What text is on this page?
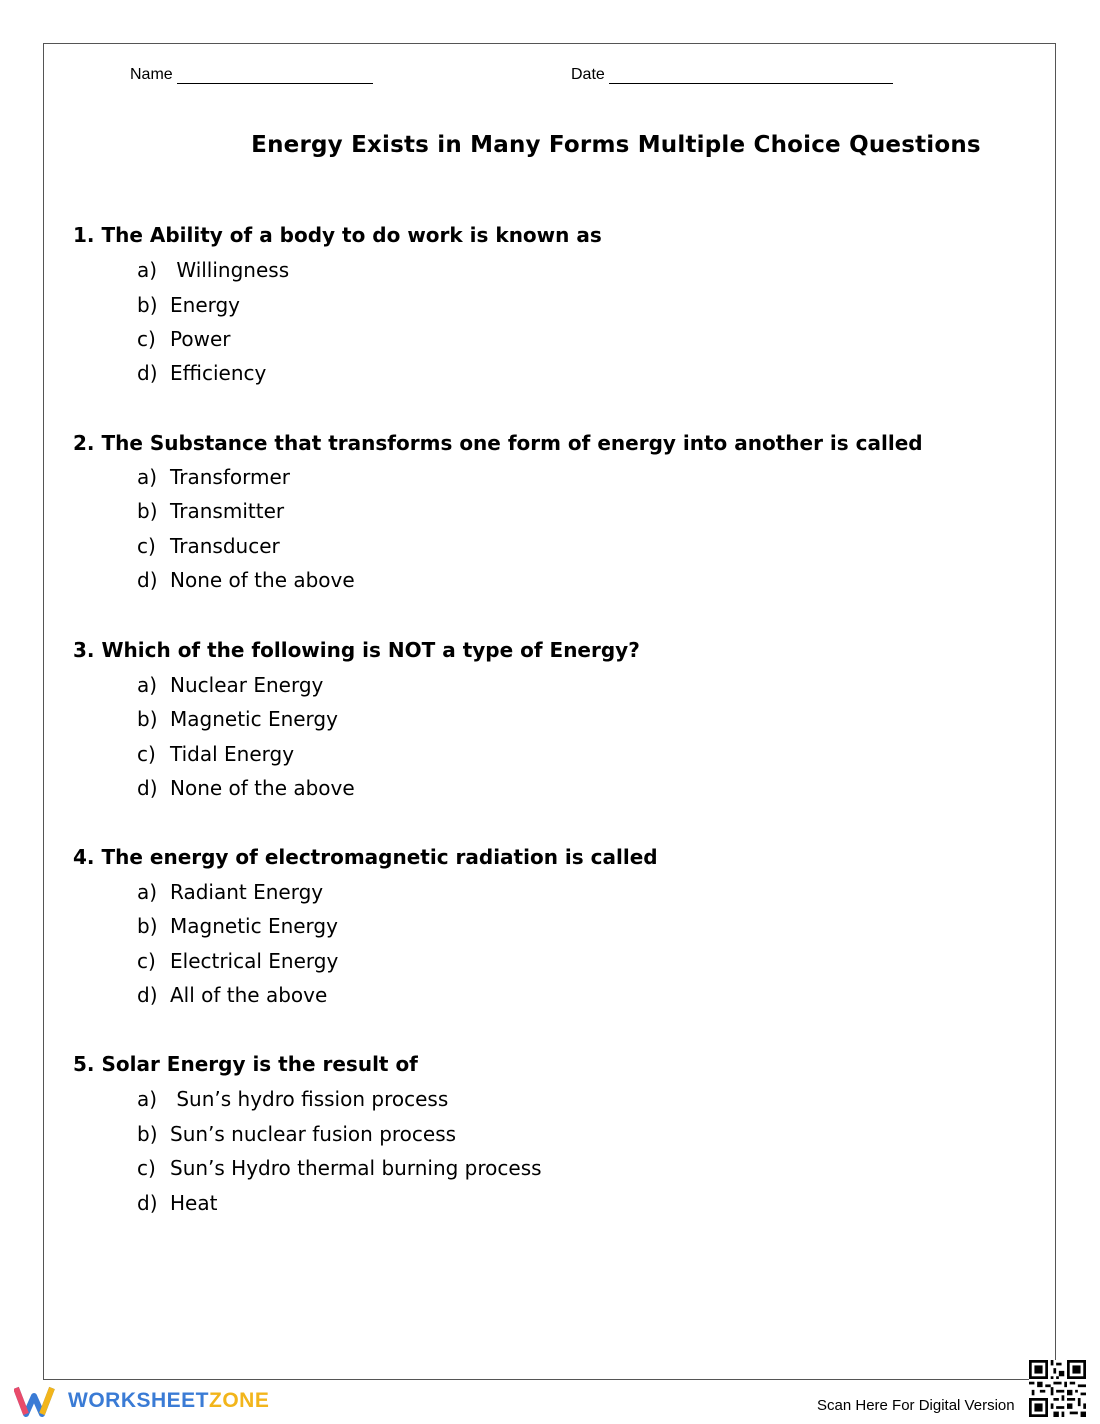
Name	Date
Energy Exists in Many Forms Multiple Choice Questions
1. The Ability of a body to do work is known as
a) Willingness
b) Energy
c) Power
d) Efficiency
2. The Substance that transforms one form of energy into another is called
a) Transformer
b) Transmitter
c) Transducer
d) None of the above
3. Which of the following is NOT a type of Energy?
a) Nuclear Energy
b) Magnetic Energy
c) Tidal Energy
d) None of the above
4. The energy of electromagnetic radiation is called
a) Radiant Energy
b) Magnetic Energy
c) Electrical Energy
d) All of the above
5. Solar Energy is the result of
a) Sun’s hydro fission process
b) Sun’s nuclear fusion process
c) Sun’s Hydro thermal burning process
d) Heat
WORKSHEETZONE	Scan Here For Digital Version
